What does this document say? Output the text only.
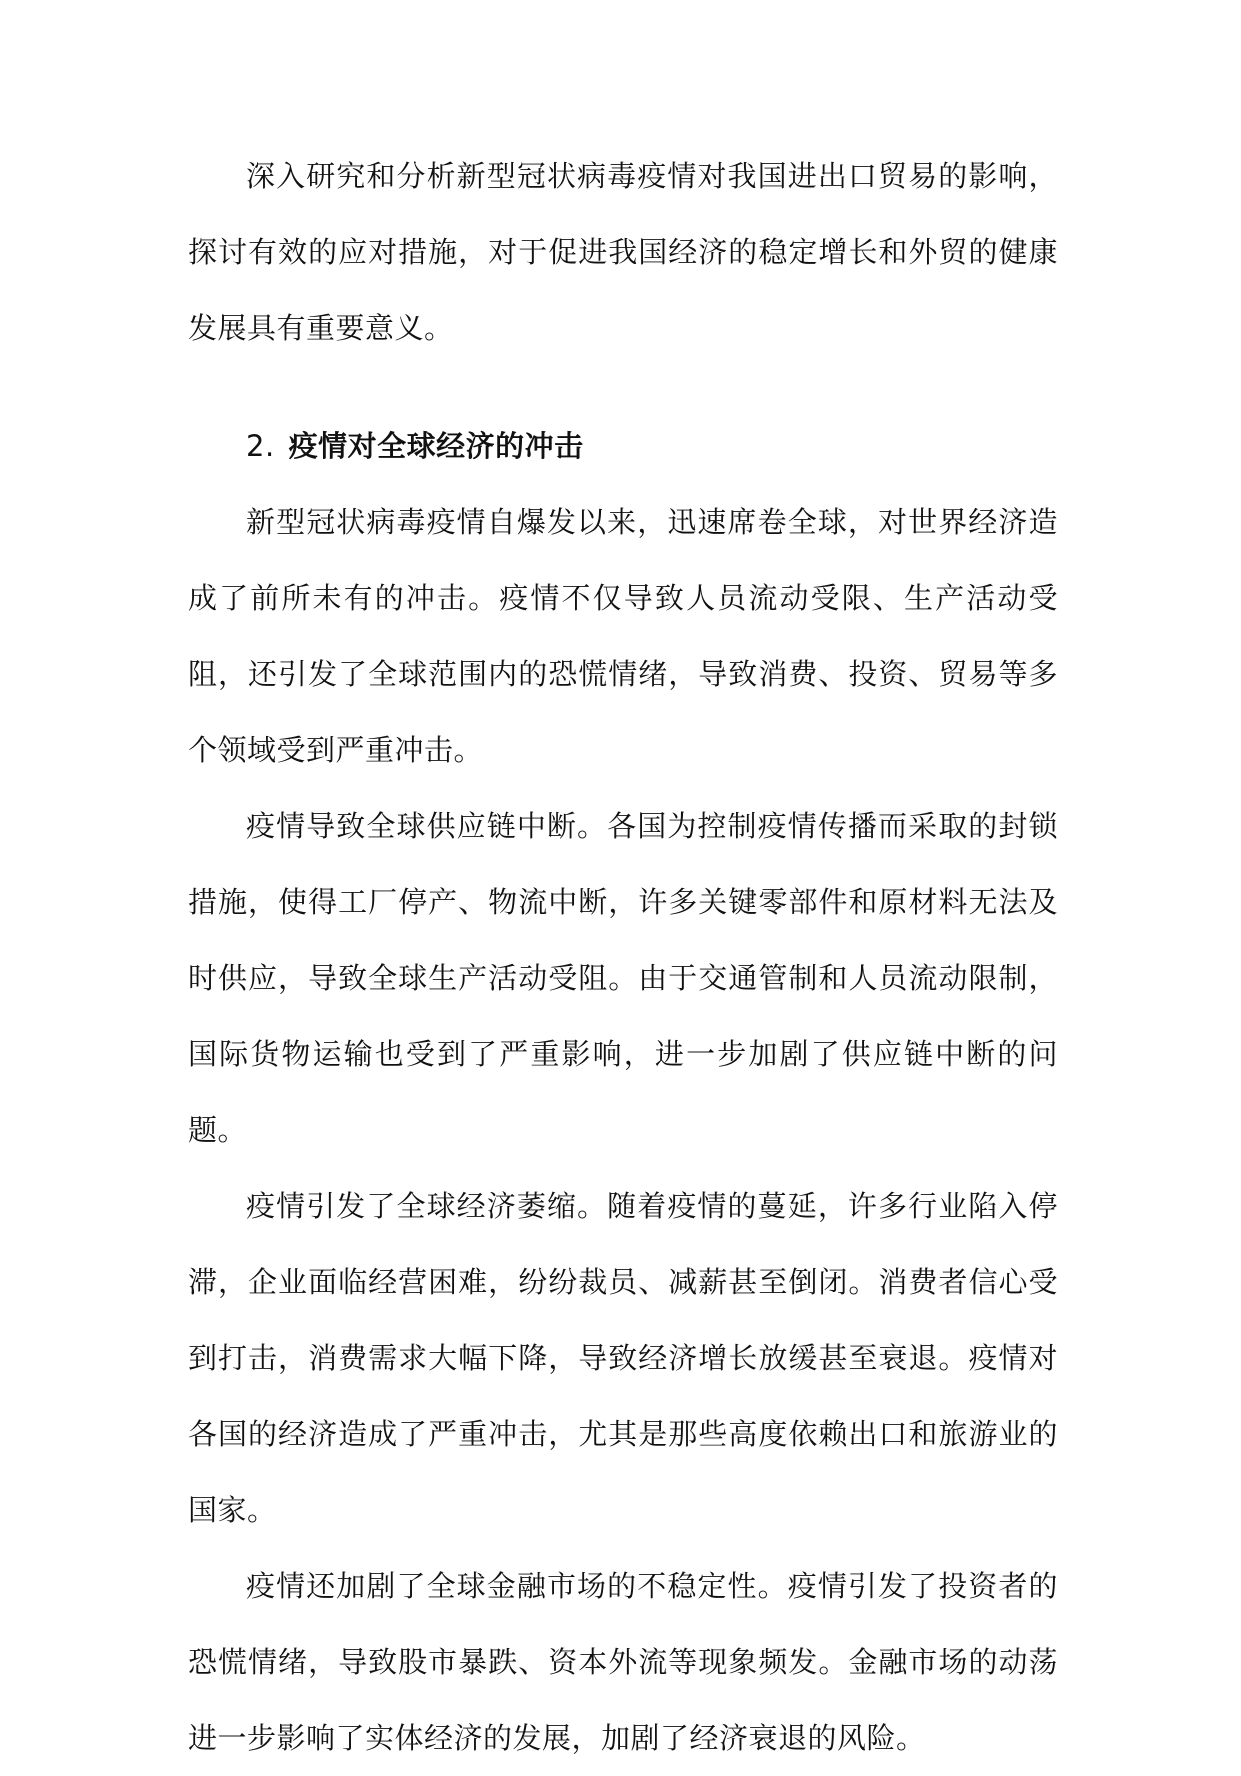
深入研究和分析新型冠状病毒疫情对我国进出口贸易的影响，探讨有效的应对措施，对于促进我国经济的稳定增长和外贸的健康发展具有重要意义。

2. 疫情对全球经济的冲击

新型冠状病毒疫情自爆发以来，迅速席卷全球，对世界经济造成了前所未有的冲击。疫情不仅导致人员流动受限、生产活动受阻，还引发了全球范围内的恐慌情绪，导致消费、投资、贸易等多个领域受到严重冲击。

疫情导致全球供应链中断。各国为控制疫情传播而采取的封锁措施，使得工厂停产、物流中断，许多关键零部件和原材料无法及时供应，导致全球生产活动受阻。由于交通管制和人员流动限制，国际货物运输也受到了严重影响，进一步加剧了供应链中断的问题。

疫情引发了全球经济萎缩。随着疫情的蔓延，许多行业陷入停滞，企业面临经营困难，纷纷裁员、减薪甚至倒闭。消费者信心受到打击，消费需求大幅下降，导致经济增长放缓甚至衰退。疫情对各国的经济造成了严重冲击，尤其是那些高度依赖出口和旅游业的国家。

疫情还加剧了全球金融市场的不稳定性。疫情引发了投资者的恐慌情绪，导致股市暴跌、资本外流等现象频发。金融市场的动荡进一步影响了实体经济的发展，加剧了经济衰退的风险。
